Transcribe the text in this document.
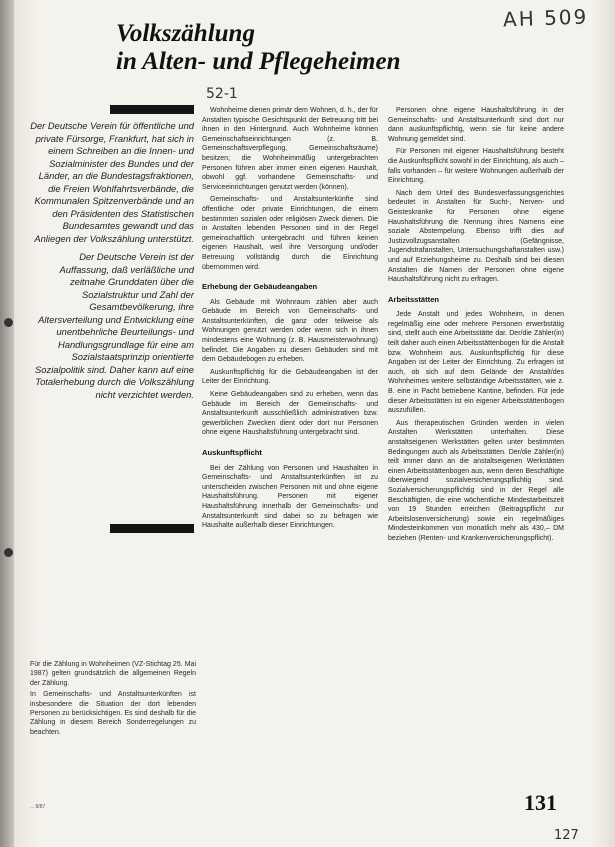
AH 509
Volkszählung
in Alten- und Pflegeheimen
52-1

Der Deutsche Verein für öffentliche und private Fürsorge, Frankfurt, hat sich in einem Schreiben an die Innen- und Sozialminister des Bundes und der Länder, an die Bundestagsfraktionen, die Freien Wohlfahrtsverbände, die Kommunalen Spitzenverbände und an den Präsidenten des Statistischen Bundesamtes gewandt und das Anliegen der Volkszählung unterstützt.

Der Deutsche Verein ist der Auffassung, daß verläßliche und zeitnahe Grunddaten über die Sozialstruktur und Zahl der Gesamtbevölkerung, ihre Altersverteilung und Entwicklung eine unentbehrliche Beurteilungs- und Handlungsgrundlage für eine am Sozialstaatsprinzip orientierte Sozialpolitik sind. Daher kann auf eine Totalerhebung durch die Volkszählung nicht verzichtet werden.

Wohnheime dienen primär dem Wohnen, d. h., der für Anstalten typische Gesichtspunkt der Betreuung tritt bei ihnen in den Hintergrund. Auch Wohnheime können Gemeinschaftseinrichtungen (z. B. Gemeinschaftsverpflegung, Gemeinschaftsräume) besitzen; die Wohnheimmäßig untergebrachten Personen führen aber immer einen eigenen Haushalt, obwohl ggf. vorhandene Gemeinschafts- und Serviceeinrichtungen genutzt werden (können).

Gemeinschafts- und Anstaltsunterkünfte sind öffentliche oder private Einrichtungen, die einem bestimmten sozialen oder religiösen Zweck dienen. Die in Anstalten lebenden Personen sind in der Regel gemeinschaftlich untergebracht und führen keinen eigenen Haushalt, weil ihre Versorgung und/oder Betreuung vollständig durch die Einrichtung übernommen wird.

Erhebung der Gebäudeangaben

Als Gebäude mit Wohnraum zählen aber auch Gebäude im Bereich von Gemeinschafts- und Anstaltsunterkünften, die ganz oder teilweise als Wohnungen genutzt werden oder wenn sich in ihnen mindestens eine Wohnung (z. B. Hausmeisterwohnung) befindet. Die Angaben zu diesen Gebäuden sind mit dem Gebäudebogen zu erheben.

Auskunftspflichtig für die Gebäudeangaben ist der Leiter der Einrichtung.

Keine Gebäudeangaben sind zu erheben, wenn das Gebäude im Bereich der Gemeinschafts- und Anstaltsunterkunft ausschließlich administrativen bzw. gewerblichen Zwecken dient oder dort nur Personen ohne eigene Haushaltsführung untergebracht sind.

Auskunftspflicht

Bei der Zählung von Personen und Haushalten in Gemeinschafts- und Anstaltsunterkünften ist zu unterscheiden zwischen Personen mit und ohne eigene Haushaltsführung. Personen mit eigener Haushaltsführung innerhalb der Gemeinschafts- und Anstaltsunterkunft sind dabei so zu befragen wie Haushalte außerhalb dieser Einrichtungen.

Personen ohne eigene Haushaltsführung in der Gemeinschafts- und Anstaltsunterkunft sind dort nur dann auskunftspflichtig, wenn sie für keine andere Wohnung gemeldet sind.

Für Personen mit eigener Haushaltsführung besteht die Auskunftspflicht sowohl in der Einrichtung, als auch – falls vorhanden – für weitere Wohnungen außerhalb der Einrichtung.

Nach dem Urteil des Bundesverfassungsgerichtes bedeutet in Anstalten für Sucht-, Nerven- und Geisteskranke für Personen ohne eigene Haushaltsführung die Nennung ihres Namens eine soziale Abstempelung. Ebenso trifft dies auf Justizvollzugsanstalten (Gefängnisse, Jugendstrafanstalten, Untersuchungshaftanstalten usw.) und auf Erziehungsheime zu. Deshalb sind bei diesen Anstalten die Namen der Personen ohne eigene Haushaltsführung nicht zu erfragen.

Arbeitsstätten

Jede Anstalt und jedes Wohnheim, in denen regelmäßig eine oder mehrere Personen erwerbstätig sind, stellt auch eine Arbeitsstätte dar. Der/die Zähler(in) teilt daher auch einen Arbeitsstättenbogen für die Anstalt bzw. Wohnheim aus. Auskunftspflichtig für diese Angaben ist der Leiter der Einrichtung. Zu erfragen ist auch, ob sich auf dem Gelände der Anstalt/des Wohnheimes weitere selbständige Arbeitsstätten, wie z. B. eine in Pacht betriebene Kantine, befinden. Für jede dieser Arbeitsstätten ist ein eigener Arbeitsstättenbogen auszufüllen.

Aus therapeutischen Gründen werden in vielen Anstalten Werkstätten unterhalten. Diese anstaltseigenen Werkstätten gelten unter bestimmten Bedingungen auch als Arbeitsstätten. Der/die Zähler(in) teilt immer dann an die anstaltseigenen Werkstätten einen Arbeitsstättenbogen aus, wenn deren Beschäftigte überwiegend sozialversicherungspflichtig sind. Sozialversicherungspflichtig sind in der Regel alle Beschäftigten, die eine wöchentliche Mindestarbeitszeit von 19 Stunden erreichen (Beitragspflicht zur Arbeitslosenversicherung) sowie ein regelmäßiges Mindesteinkommen von monatlich mehr als 430,– DM beziehen (Renten- und Krankenversicherungspflicht).

Für die Zählung in Wohnheimen (VZ-Stichtag 25. Mai 1987) gelten grundsätzlich die allgemeinen Regeln der Zählung.

In Gemeinschafts- und Anstaltsunterkünften ist insbesondere die Situation der dort lebenden Personen zu berücksichtigen. Es sind deshalb für die Zählung in diesem Bereich Sonderregelungen zu beachten.

... 8/87	131
127
